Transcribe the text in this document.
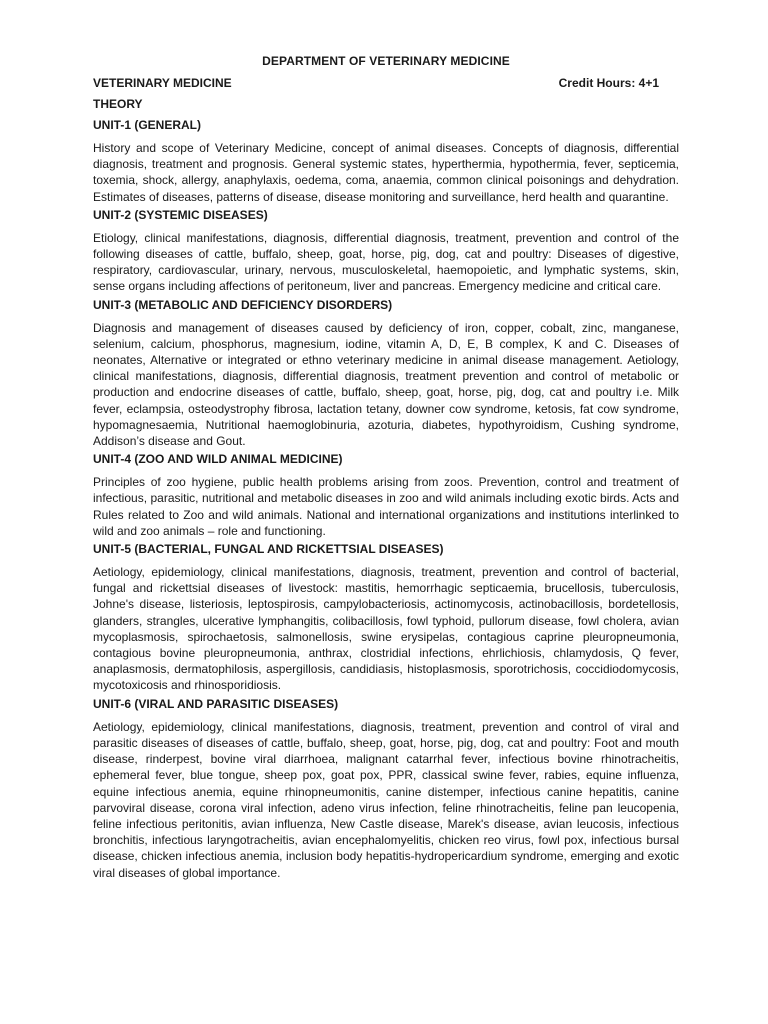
DEPARTMENT OF VETERINARY MEDICINE
VETERINARY MEDICINE	Credit Hours: 4+1
THEORY
UNIT-1 (GENERAL)

History and scope of Veterinary Medicine, concept of animal diseases. Concepts of diagnosis, differential diagnosis, treatment and prognosis. General systemic states, hyperthermia, hypothermia, fever, septicemia, toxemia, shock, allergy, anaphylaxis, oedema, coma, anaemia, common clinical poisonings and dehydration. Estimates of diseases, patterns of disease, disease monitoring and surveillance, herd health and quarantine.

UNIT-2 (SYSTEMIC DISEASES)

Etiology, clinical manifestations, diagnosis, differential diagnosis, treatment, prevention and control of the following diseases of cattle, buffalo, sheep, goat, horse, pig, dog, cat and poultry: Diseases of digestive, respiratory, cardiovascular, urinary, nervous, musculoskeletal, haemopoietic, and lymphatic systems, skin, sense organs including affections of peritoneum, liver and pancreas. Emergency medicine and critical care.

UNIT-3 (METABOLIC AND DEFICIENCY DISORDERS)

Diagnosis and management of diseases caused by deficiency of iron, copper, cobalt, zinc, manganese, selenium, calcium, phosphorus, magnesium, iodine, vitamin A, D, E, B complex, K and C. Diseases of neonates, Alternative or integrated or ethno veterinary medicine in animal disease management. Aetiology, clinical manifestations, diagnosis, differential diagnosis, treatment prevention and control of metabolic or production and endocrine diseases of cattle, buffalo, sheep, goat, horse, pig, dog, cat and poultry i.e. Milk fever, eclampsia, osteodystrophy fibrosa, lactation tetany, downer cow syndrome, ketosis, fat cow syndrome, hypomagnesaemia, Nutritional haemoglobinuria, azoturia, diabetes, hypothyroidism, Cushing syndrome, Addison’s disease and Gout.

UNIT-4 (ZOO AND WILD ANIMAL MEDICINE)

Principles of zoo hygiene, public health problems arising from zoos. Prevention, control and treatment of infectious, parasitic, nutritional and metabolic diseases in zoo and wild animals including exotic birds. Acts and Rules related to Zoo and wild animals. National and international organizations and institutions interlinked to wild and zoo animals – role and functioning.

UNIT-5 (BACTERIAL, FUNGAL AND RICKETTSIAL DISEASES)

Aetiology, epidemiology, clinical manifestations, diagnosis, treatment, prevention and control of bacterial, fungal and rickettsial diseases of livestock: mastitis, hemorrhagic septicaemia, brucellosis, tuberculosis, Johne's disease, listeriosis, leptospirosis, campylobacteriosis, actinomycosis, actinobacillosis, bordetellosis, glanders, strangles, ulcerative lymphangitis, colibacillosis, fowl typhoid, pullorum disease, fowl cholera, avian mycoplasmosis, spirochaetosis, salmonellosis, swine erysipelas, contagious caprine pleuropneumonia, contagious bovine pleuropneumonia, anthrax, clostridial infections, ehrlichiosis, chlamydosis, Q fever, anaplasmosis, dermatophilosis, aspergillosis, candidiasis, histoplasmosis, sporotrichosis, coccidiodomycosis, mycotoxicosis and rhinosporidiosis.

UNIT-6 (VIRAL AND PARASITIC DISEASES)

Aetiology, epidemiology, clinical manifestations, diagnosis, treatment, prevention and control of viral and parasitic diseases of diseases of cattle, buffalo, sheep, goat, horse, pig, dog, cat and poultry: Foot and mouth disease, rinderpest, bovine viral diarrhoea, malignant catarrhal fever, infectious bovine rhinotracheitis, ephemeral fever, blue tongue, sheep pox, goat pox, PPR, classical swine fever, rabies, equine influenza, equine infectious anemia, equine rhinopneumonitis, canine distemper, infectious canine hepatitis, canine parvoviral disease, corona viral infection, adeno virus infection, feline rhinotracheitis, feline pan leucopenia, feline infectious peritonitis, avian influenza, New Castle disease, Marek's disease, avian leucosis, infectious bronchitis, infectious laryngotracheitis, avian encephalomyelitis, chicken reo virus, fowl pox, infectious bursal disease, chicken infectious anemia, inclusion body hepatitis-hydropericardium syndrome, emerging and exotic viral diseases of global importance.
